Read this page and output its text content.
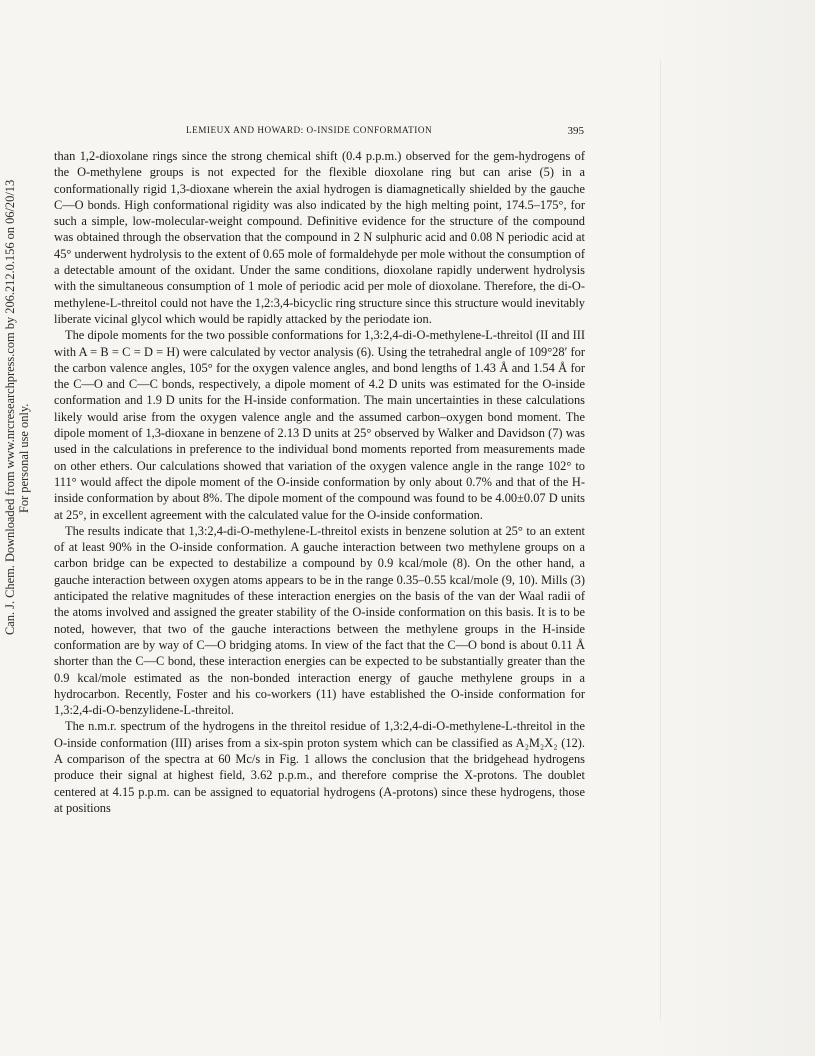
Can. J. Chem. Downloaded from www.nrcresearchpress.com by 206.212.0.156 on 06/20/13 For personal use only.
LEMIEUX AND HOWARD: O-INSIDE CONFORMATION	395

than 1,2-dioxolane rings since the strong chemical shift (0.4 p.p.m.) observed for the gem-hydrogens of the O-methylene groups is not expected for the flexible dioxolane ring but can arise (5) in a conformationally rigid 1,3-dioxane wherein the axial hydrogen is diamagnetically shielded by the gauche C—O bonds. High conformational rigidity was also indicated by the high melting point, 174.5–175°, for such a simple, low-molecular-weight compound. Definitive evidence for the structure of the compound was obtained through the observation that the compound in 2 N sulphuric acid and 0.08 N periodic acid at 45° underwent hydrolysis to the extent of 0.65 mole of formaldehyde per mole without the consumption of a detectable amount of the oxidant. Under the same conditions, dioxolane rapidly underwent hydrolysis with the simultaneous consumption of 1 mole of periodic acid per mole of dioxolane. Therefore, the di-O-methylene-L-threitol could not have the 1,2:3,4-bicyclic ring structure since this structure would inevitably liberate vicinal glycol which would be rapidly attacked by the periodate ion.

The dipole moments for the two possible conformations for 1,3:2,4-di-O-methylene-L-threitol (II and III with A = B = C = D = H) were calculated by vector analysis (6). Using the tetrahedral angle of 109°28′ for the carbon valence angles, 105° for the oxygen valence angles, and bond lengths of 1.43 Å and 1.54 Å for the C—O and C—C bonds, respectively, a dipole moment of 4.2 D units was estimated for the O-inside conformation and 1.9 D units for the H-inside conformation. The main uncertainties in these calculations likely would arise from the oxygen valence angle and the assumed carbon–oxygen bond moment. The dipole moment of 1,3-dioxane in benzene of 2.13 D units at 25° observed by Walker and Davidson (7) was used in the calculations in preference to the individual bond moments reported from measurements made on other ethers. Our calculations showed that variation of the oxygen valence angle in the range 102° to 111° would affect the dipole moment of the O-inside conformation by only about 0.7% and that of the H-inside conformation by about 8%. The dipole moment of the compound was found to be 4.00±0.07 D units at 25°, in excellent agreement with the calculated value for the O-inside conformation.

The results indicate that 1,3:2,4-di-O-methylene-L-threitol exists in benzene solution at 25° to an extent of at least 90% in the O-inside conformation. A gauche interaction between two methylene groups on a carbon bridge can be expected to destabilize a compound by 0.9 kcal/mole (8). On the other hand, a gauche interaction between oxygen atoms appears to be in the range 0.35–0.55 kcal/mole (9, 10). Mills (3) anticipated the relative magnitudes of these interaction energies on the basis of the van der Waal radii of the atoms involved and assigned the greater stability of the O-inside conformation on this basis. It is to be noted, however, that two of the gauche interactions between the methylene groups in the H-inside conformation are by way of C—O bridging atoms. In view of the fact that the C—O bond is about 0.11 Å shorter than the C—C bond, these interaction energies can be expected to be substantially greater than the 0.9 kcal/mole estimated as the non-bonded interaction energy of gauche methylene groups in a hydrocarbon. Recently, Foster and his co-workers (11) have established the O-inside conformation for 1,3:2,4-di-O-benzylidene-L-threitol.

The n.m.r. spectrum of the hydrogens in the threitol residue of 1,3:2,4-di-O-methylene-L-threitol in the O-inside conformation (III) arises from a six-spin proton system which can be classified as A₂M₂X₂ (12). A comparison of the spectra at 60 Mc/s in Fig. 1 allows the conclusion that the bridgehead hydrogens produce their signal at highest field, 3.62 p.p.m., and therefore comprise the X-protons. The doublet centered at 4.15 p.p.m. can be assigned to equatorial hydrogens (A-protons) since these hydrogens, those at positions
